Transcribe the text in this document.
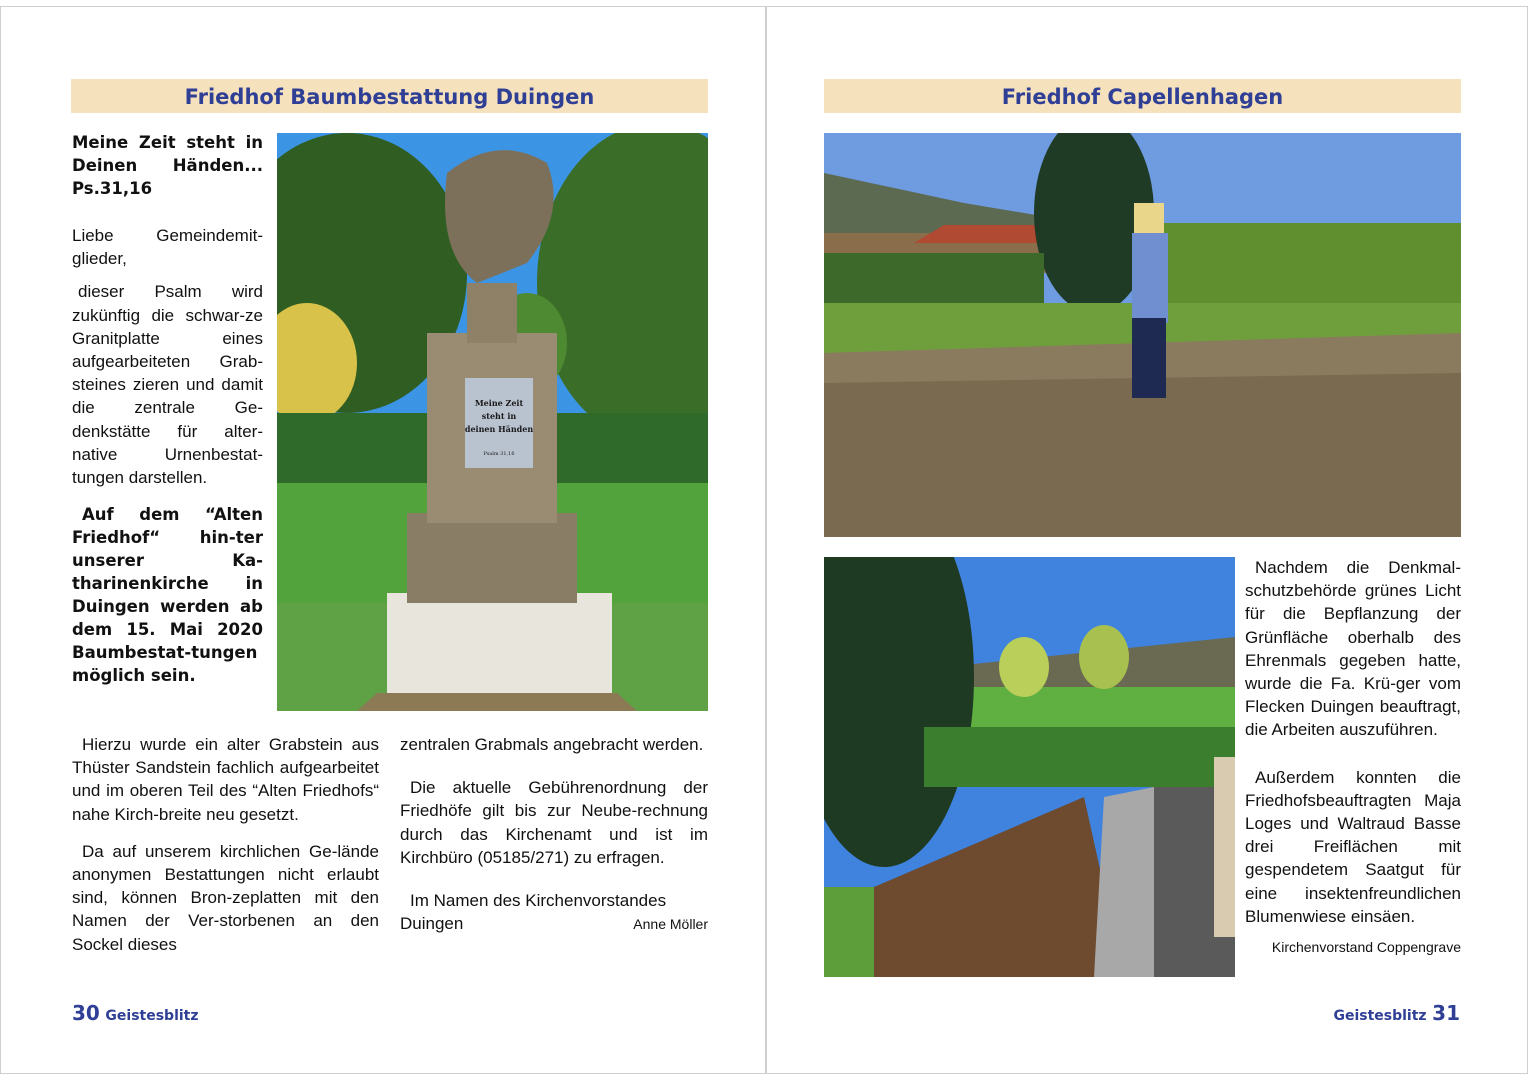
Friedhof Baumbestattung Duingen

Meine Zeit steht in
Deinen Händen...
Ps.31,16

Liebe Gemeindemit-glieder,

dieser Psalm wird zukünftig die schwar-ze Granitplatte eines aufgearbeiteten Grab-steines zieren und damit die zentrale Ge-denkstätte für alter-native Urnenbestat-tungen darstellen.

Auf dem “Alten Friedhof“ hin-ter unserer Ka-tharinenkirche in Duingen werden ab dem 15. Mai 2020 Baumbestat-tungen möglich sein.

Meine Zeit
steht in
deinen Händen
Psalm 31,16

Hierzu wurde ein alter Grabstein aus Thüster Sandstein fachlich aufgearbeitet und im oberen Teil des “Alten Friedhofs“ nahe Kirch-breite neu gesetzt.

Da auf unserem kirchlichen Ge-lände anonymen Bestattungen nicht erlaubt sind, können Bron-zeplatten mit den Namen der Ver-storbenen an den Sockel dieses

zentralen Grabmals angebracht werden.

Die aktuelle Gebührenordnung der Friedhöfe gilt bis zur Neube-rechnung durch das Kirchenamt und ist im Kirchbüro (05185/271) zu erfragen.

Im Namen des Kirchenvorstandes

Duingen	Anne Möller
30 Geistesblitz
Friedhof Capellenhagen

Nachdem die Denkmal-schutzbehörde grünes Licht für die Bepflanzung der Grünfläche oberhalb des Ehrenmals gegeben hatte, wurde die Fa. Krü-ger vom Flecken Duingen beauftragt, die Arbeiten auszuführen.

Außerdem konnten die Friedhofsbeauftragten Maja Loges und Waltraud Basse drei Freiflächen mit gespendetem Saatgut für eine insektenfreundlichen Blumenwiese einsäen.

Kirchenvorstand Coppengrave
Geistesblitz 31
